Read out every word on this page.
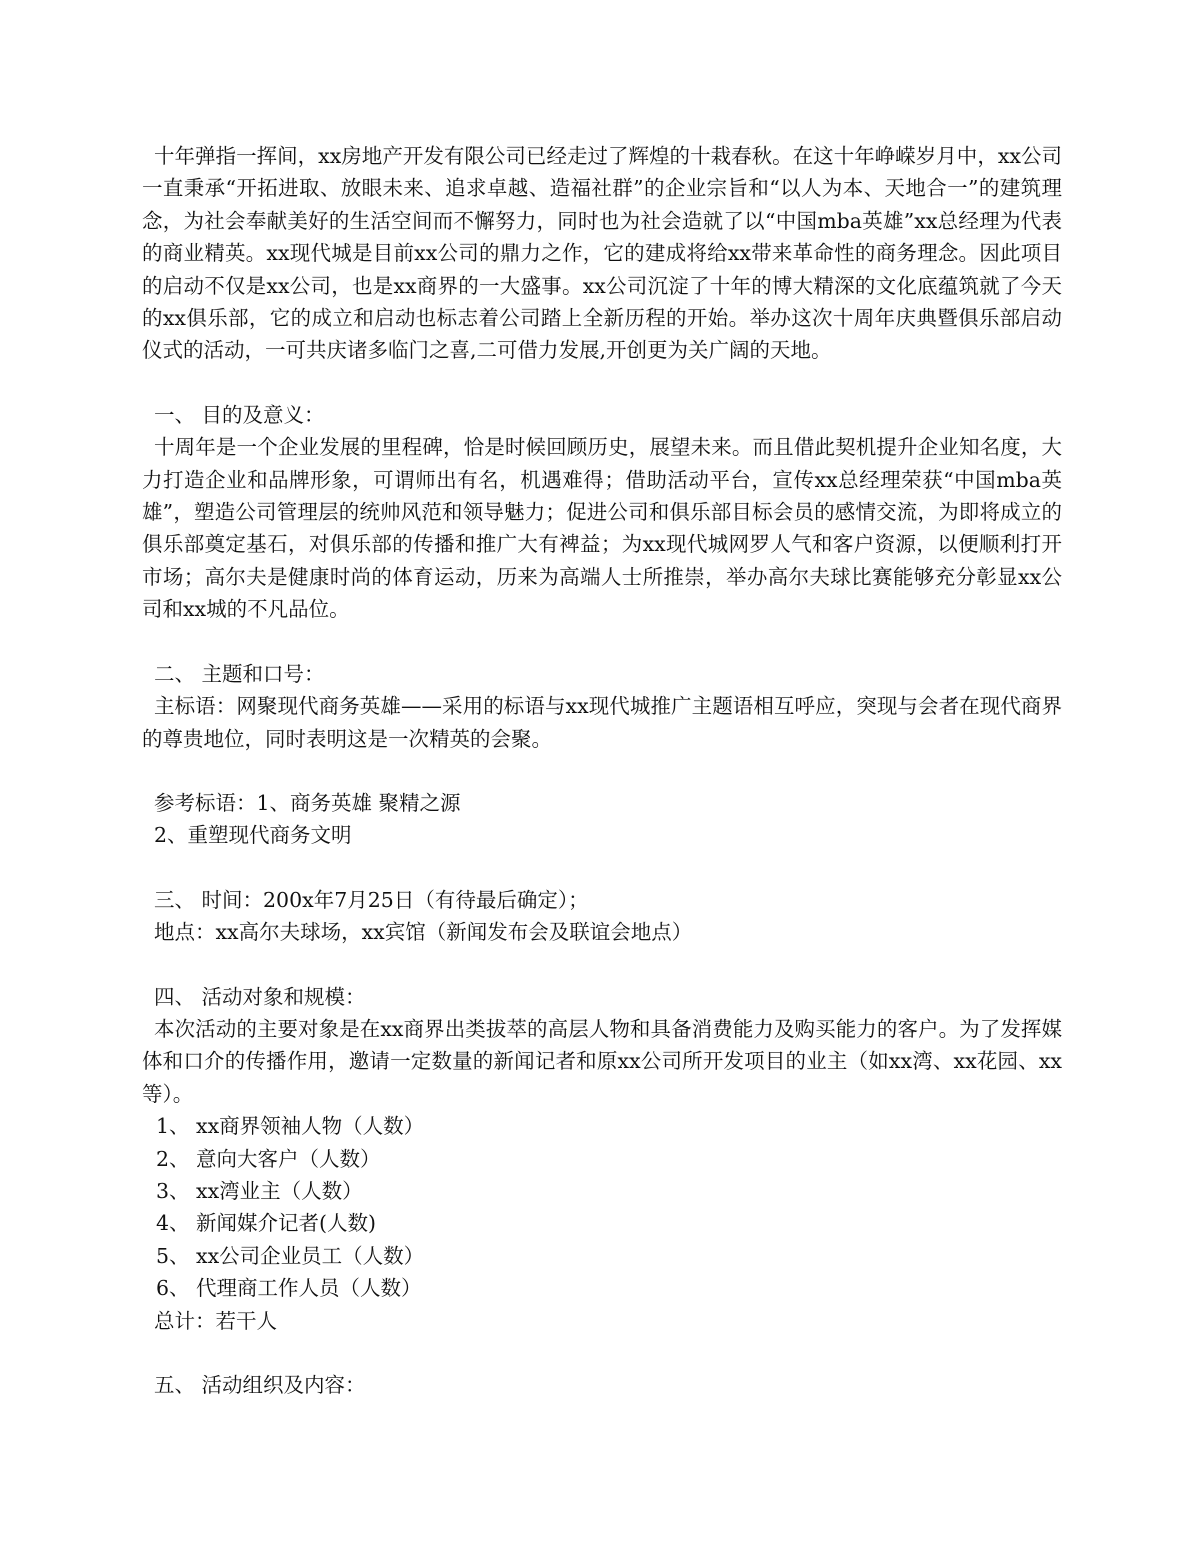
十年弹指一挥间，xx房地产开发有限公司已经走过了辉煌的十栽春秋。在这十年峥嵘岁月中，xx公司一直秉承“开拓进取、放眼未来、追求卓越、造福社群”的企业宗旨和“以人为本、天地合一”的建筑理念，为社会奉献美好的生活空间而不懈努力，同时也为社会造就了以“中国mba英雄”xx总经理为代表的商业精英。xx现代城是目前xx公司的鼎力之作，它的建成将给xx带来革命性的商务理念。因此项目的启动不仅是xx公司，也是xx商界的一大盛事。xx公司沉淀了十年的博大精深的文化底蕴筑就了今天的xx俱乐部，它的成立和启动也标志着公司踏上全新历程的开始。举办这次十周年庆典暨俱乐部启动仪式的活动，一可共庆诸多临门之喜,二可借力发展,开创更为关广阔的天地。

一、 目的及意义：

十周年是一个企业发展的里程碑，恰是时候回顾历史，展望未来。而且借此契机提升企业知名度，大力打造企业和品牌形象，可谓师出有名，机遇难得；借助活动平台，宣传xx总经理荣获“中国mba英雄”，塑造公司管理层的统帅风范和领导魅力；促进公司和俱乐部目标会员的感情交流，为即将成立的俱乐部奠定基石，对俱乐部的传播和推广大有裨益；为xx现代城网罗人气和客户资源，以便顺利打开市场；高尔夫是健康时尚的体育运动，历来为高端人士所推崇，举办高尔夫球比赛能够充分彰显xx公司和xx城的不凡品位。

二、 主题和口号：

主标语：网聚现代商务英雄——采用的标语与xx现代城推广主题语相互呼应，突现与会者在现代商界的尊贵地位，同时表明这是一次精英的会聚。

参考标语：1、商务英雄 聚精之源

2、重塑现代商务文明

三、 时间：200x年7月25日（有待最后确定）；

地点：xx高尔夫球场，xx宾馆（新闻发布会及联谊会地点）

四、 活动对象和规模：

本次活动的主要对象是在xx商界出类拔萃的高层人物和具备消费能力及购买能力的客户。为了发挥媒体和口介的传播作用，邀请一定数量的新闻记者和原xx公司所开发项目的业主（如xx湾、xx花园、xx等）。

1、 xx商界领袖人物（人数）

2、 意向大客户（人数）

3、 xx湾业主（人数）

4、 新闻媒介记者(人数)

5、 xx公司企业员工（人数）

6、 代理商工作人员（人数）

总计：若干人

五、 活动组织及内容：
